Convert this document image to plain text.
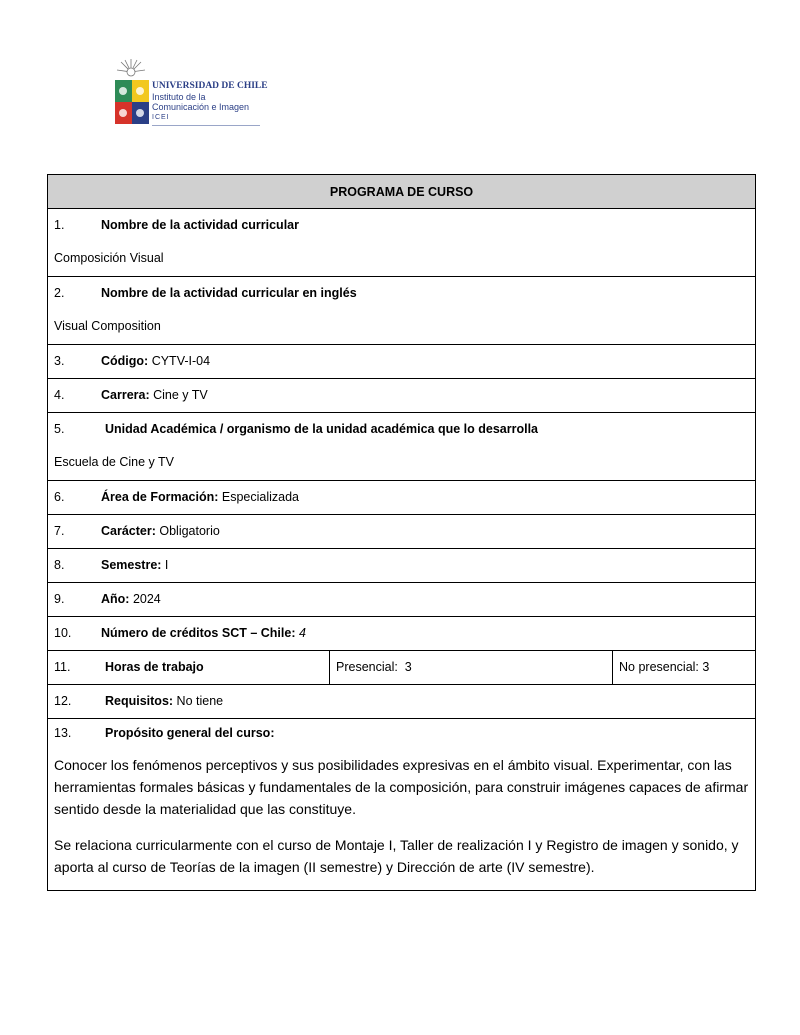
UNIVERSIDAD DE CHILE
Instituto de la
Comunicación e Imagen
ICEI
PROGRAMA DE CURSO

1.	Nombre de la actividad curricular
Composición Visual

2.	Nombre de la actividad curricular en inglés
Visual Composition

3.	Código: CYTV-I-04

4.	Carrera: Cine y TV

5.	Unidad Académica / organismo de la unidad académica que lo desarrolla
Escuela de Cine y TV

6.	Área de Formación: Especializada

7.	Carácter: Obligatorio

8.	Semestre: I

9.	Año: 2024

10. Número de créditos SCT – Chile: 4

11.	Horas de trabajo	Presencial:  3	No presencial: 3

12.	Requisitos: No tiene

13.	Propósito general del curso:

Conocer los fenómenos perceptivos y sus posibilidades expresivas en el ámbito visual. Experimentar, con las herramientas formales básicas y fundamentales de la composición, para construir imágenes capaces de afirmar sentido desde la materialidad que las constituye.

Se relaciona curricularmente con el curso de Montaje I, Taller de realización I y Registro de imagen y sonido, y aporta al curso de Teorías de la imagen (II semestre) y Dirección de arte (IV semestre).
